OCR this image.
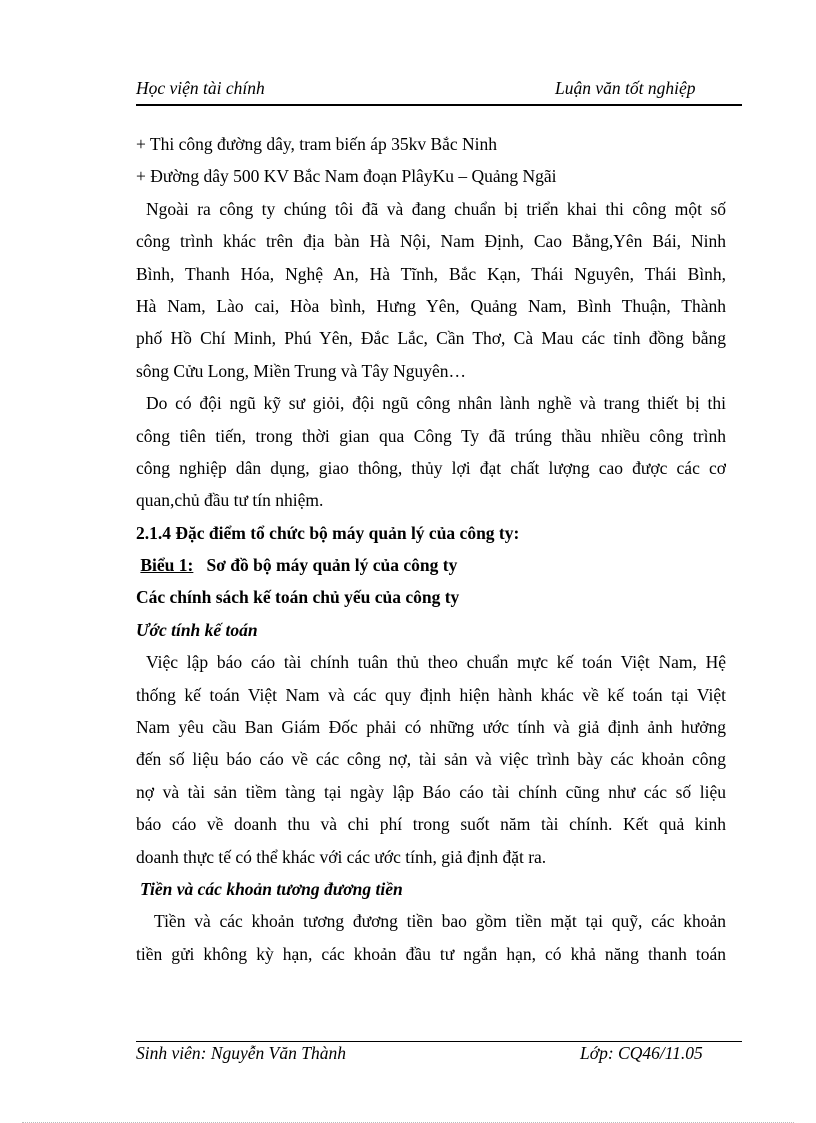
Học viện tài chính	Luận văn tốt nghiệp
+ Thi công đường dây, tram biến áp 35kv Bắc Ninh
+ Đường dây 500 KV Bắc Nam đoạn PlâyKu – Quảng Ngãi
Ngoài ra công ty chúng tôi đã và đang chuẩn bị triển khai thi công một số
công trình khác trên địa bàn Hà Nội, Nam Định, Cao Bằng,Yên Bái, Ninh
Bình, Thanh Hóa, Nghệ An, Hà Tĩnh, Bắc Kạn, Thái Nguyên, Thái Bình,
Hà Nam, Lào cai, Hòa bình, Hưng Yên, Quảng Nam, Bình Thuận, Thành
phố Hồ Chí Minh, Phú Yên, Đắc Lắc, Cần Thơ, Cà Mau các tỉnh đồng bằng
sông Cửu Long, Miền Trung và Tây Nguyên…
Do có đội ngũ kỹ sư giỏi, đội ngũ công nhân lành nghề và trang thiết bị thi
công tiên tiến, trong thời gian qua Công Ty đã trúng thầu nhiều công trình
công nghiệp dân dụng, giao thông, thủy lợi đạt chất lượng cao được các cơ
quan,chủ đầu tư tín nhiệm.
2.1.4 Đặc điểm tổ chức bộ máy quản lý của công ty:
Biểu 1:   Sơ đồ bộ máy quản lý của công ty
Các chính sách kế toán chủ yếu của công ty
Ước tính kế toán
Việc lập báo cáo tài chính tuân thủ theo chuẩn mực kế toán Việt Nam, Hệ
thống kế toán Việt Nam và các quy định hiện hành khác về kế toán tại Việt
Nam yêu cầu Ban Giám Đốc phải có những ước tính và giả định ảnh hưởng
đến số liệu báo cáo về các công nợ, tài sản và việc trình bày các khoản công
nợ và tài sản tiềm tàng tại ngày lập Báo cáo tài chính cũng như các số liệu
báo cáo về doanh thu và chi phí trong suốt năm tài chính. Kết quả kinh
doanh thực tế có thể khác với các ước tính, giả định đặt ra.
Tiền và các khoản tương đương tiền
Tiền và các khoản tương đương tiền bao gồm tiền mặt tại quỹ, các khoản
tiền gửi không kỳ hạn, các khoản đầu tư ngắn hạn, có khả năng thanh toán
Sinh viên: Nguyễn Văn Thành	Lớp: CQ46/11.05
